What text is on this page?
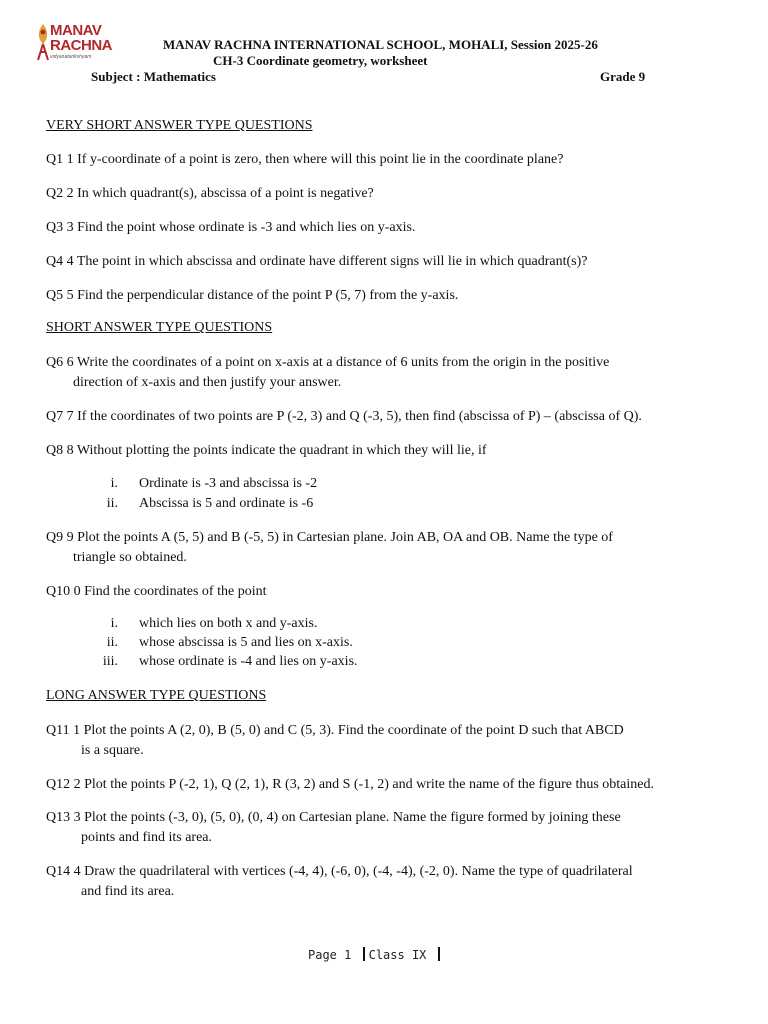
MANAV
RACHNA
vidyanatarikshyam
MANAV RACHNA INTERNATIONAL SCHOOL, MOHALI, Session 2025-26
CH-3 Coordinate geometry, worksheet
Subject : Mathematics	Grade 9
VERY SHORT ANSWER TYPE QUESTIONS
Q1 1 If y-coordinate of a point is zero, then where will this point lie in the coordinate plane?
Q2 2 In which quadrant(s), abscissa of a point is negative?
Q3 3 Find the point whose ordinate is -3 and which lies on y-axis.
Q4 4 The point in which abscissa and ordinate have different signs will lie in which quadrant(s)?
Q5 5 Find the perpendicular distance of the point P (5, 7) from the y-axis.
SHORT ANSWER TYPE QUESTIONS
Q6 6 Write the coordinates of a point on x-axis at a distance of 6 units from the origin in the positive
direction of x-axis and then justify your answer.
Q7 7 If the coordinates of two points are P (-2, 3) and Q (-3, 5), then find (abscissa of P) – (abscissa of Q).
Q8 8 Without plotting the points indicate the quadrant in which they will lie, if
i. Ordinate is -3 and abscissa is -2
ii. Abscissa is 5 and ordinate is -6
Q9 9 Plot the points A (5, 5) and B (-5, 5) in Cartesian plane. Join AB, OA and OB. Name the type of
triangle so obtained.
Q10 0 Find the coordinates of the point
i. which lies on both x and y-axis.
ii. whose abscissa is 5 and lies on x-axis.
iii. whose ordinate is -4 and lies on y-axis.
LONG ANSWER TYPE QUESTIONS
Q11 1 Plot the points A (2, 0), B (5, 0) and C (5, 3). Find the coordinate of the point D such that ABCD
is a square.
Q12 2 Plot the points P (-2, 1), Q (2, 1), R (3, 2) and S (-1, 2) and write the name of the figure thus obtained.
Q13 3 Plot the points (-3, 0), (5, 0), (0, 4) on Cartesian plane. Name the figure formed by joining these
points and find its area.
Q14 4 Draw the quadrilateral with vertices (-4, 4), (-6, 0), (-4, -4), (-2, 0). Name the type of quadrilateral
and find its area.
Page 1 Class IX
